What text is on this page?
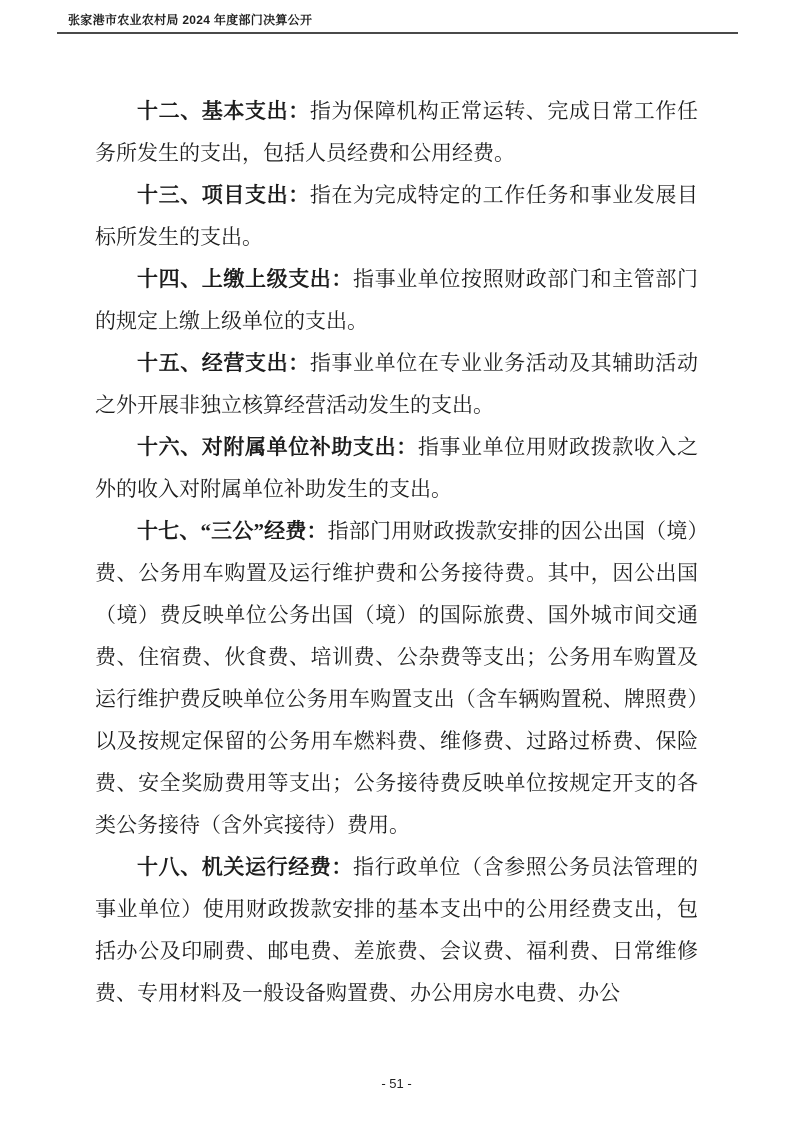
张家港市农业农村局 2024 年度部门决算公开

十二、基本支出：指为保障机构正常运转、完成日常工作任务所发生的支出，包括人员经费和公用经费。

十三、项目支出：指在为完成特定的工作任务和事业发展目标所发生的支出。

十四、上缴上级支出：指事业单位按照财政部门和主管部门的规定上缴上级单位的支出。

十五、经营支出：指事业单位在专业业务活动及其辅助活动之外开展非独立核算经营活动发生的支出。

十六、对附属单位补助支出：指事业单位用财政拨款收入之外的收入对附属单位补助发生的支出。

十七、“三公”经费：指部门用财政拨款安排的因公出国（境）费、公务用车购置及运行维护费和公务接待费。其中，因公出国（境）费反映单位公务出国（境）的国际旅费、国外城市间交通费、住宿费、伙食费、培训费、公杂费等支出；公务用车购置及运行维护费反映单位公务用车购置支出（含车辆购置税、牌照费）以及按规定保留的公务用车燃料费、维修费、过路过桥费、保险费、安全奖励费用等支出；公务接待费反映单位按规定开支的各类公务接待（含外宾接待）费用。

十八、机关运行经费：指行政单位（含参照公务员法管理的事业单位）使用财政拨款安排的基本支出中的公用经费支出，包括办公及印刷费、邮电费、差旅费、会议费、福利费、日常维修费、专用材料及一般设备购置费、办公用房水电费、办公

- 51 -
